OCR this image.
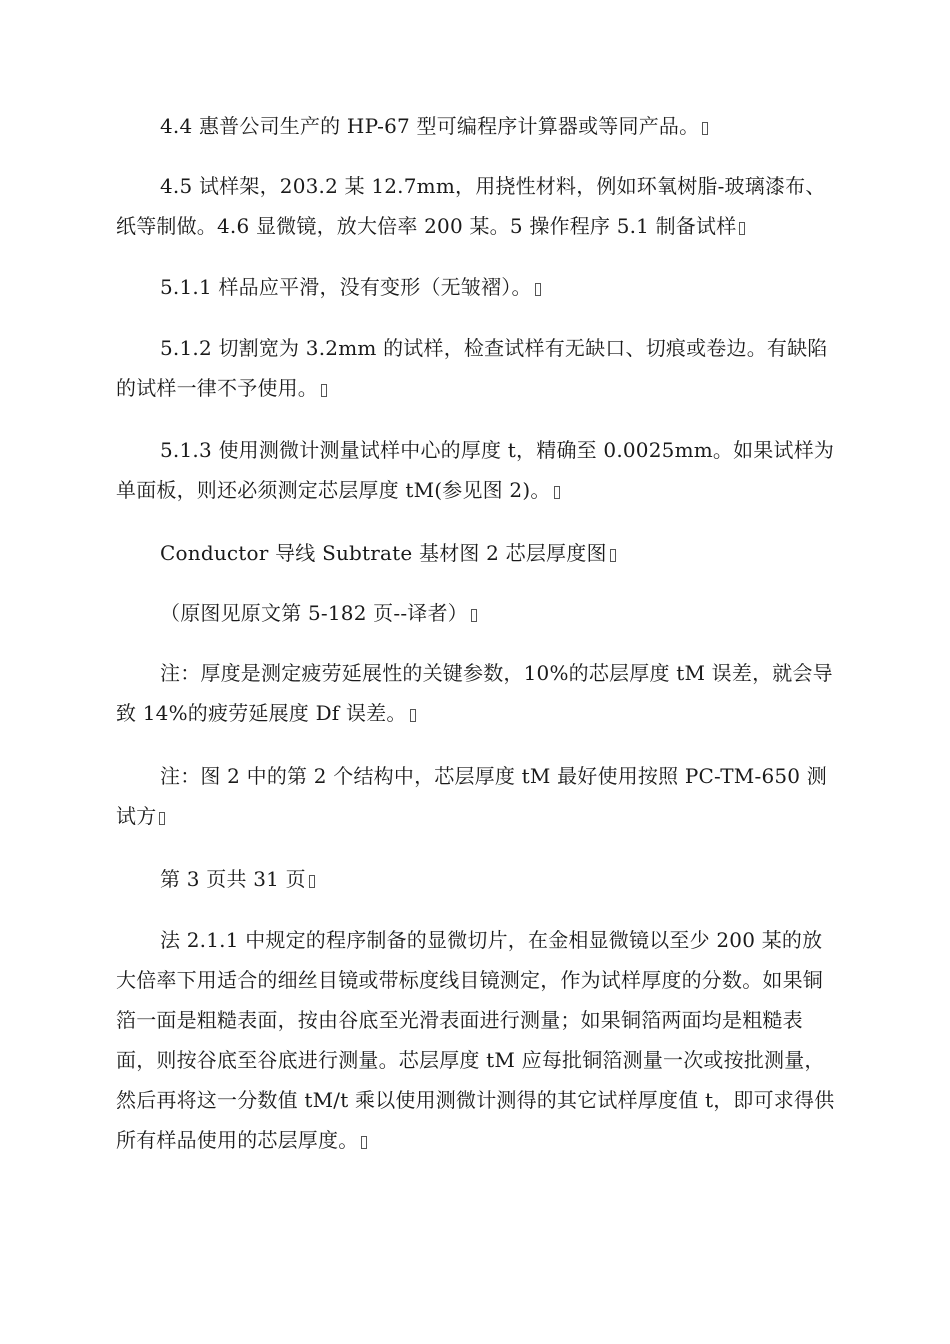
4.4 惠普公司生产的 HP-67 型可编程序计算器或等同产品。

4.5 试样架，203.2 某 12.7mm，用挠性材料，例如环氧树脂-玻璃漆布、纸等制做。4.6 显微镜，放大倍率 200 某。5 操作程序 5.1 制备试样

5.1.1 样品应平滑，没有变形（无皱褶）。

5.1.2 切割宽为 3.2mm 的试样，检查试样有无缺口、切痕或卷边。有缺陷的试样一律不予使用。

5.1.3 使用测微计测量试样中心的厚度 t，精确至 0.0025mm。如果试样为单面板，则还必须测定芯层厚度 tM(参见图 2)。

Conductor 导线 Subtrate 基材图 2 芯层厚度图

（原图见原文第 5-182 页--译者）

注：厚度是测定疲劳延展性的关键参数，10%的芯层厚度 tM 误差，就会导致 14%的疲劳延展度 Df 误差。

注：图 2 中的第 2 个结构中，芯层厚度 tM 最好使用按照 PC-TM-650 测试方

第 3 页共 31 页

法 2.1.1 中规定的程序制备的显微切片，在金相显微镜以至少 200 某的放大倍率下用适合的细丝目镜或带标度线目镜测定，作为试样厚度的分数。如果铜箔一面是粗糙表面，按由谷底至光滑表面进行测量；如果铜箔两面均是粗糙表面，则按谷底至谷底进行测量。芯层厚度 tM 应每批铜箔测量一次或按批测量，然后再将这一分数值 tM/t 乘以使用测微计测得的其它试样厚度值 t，即可求得供所有样品使用的芯层厚度。
